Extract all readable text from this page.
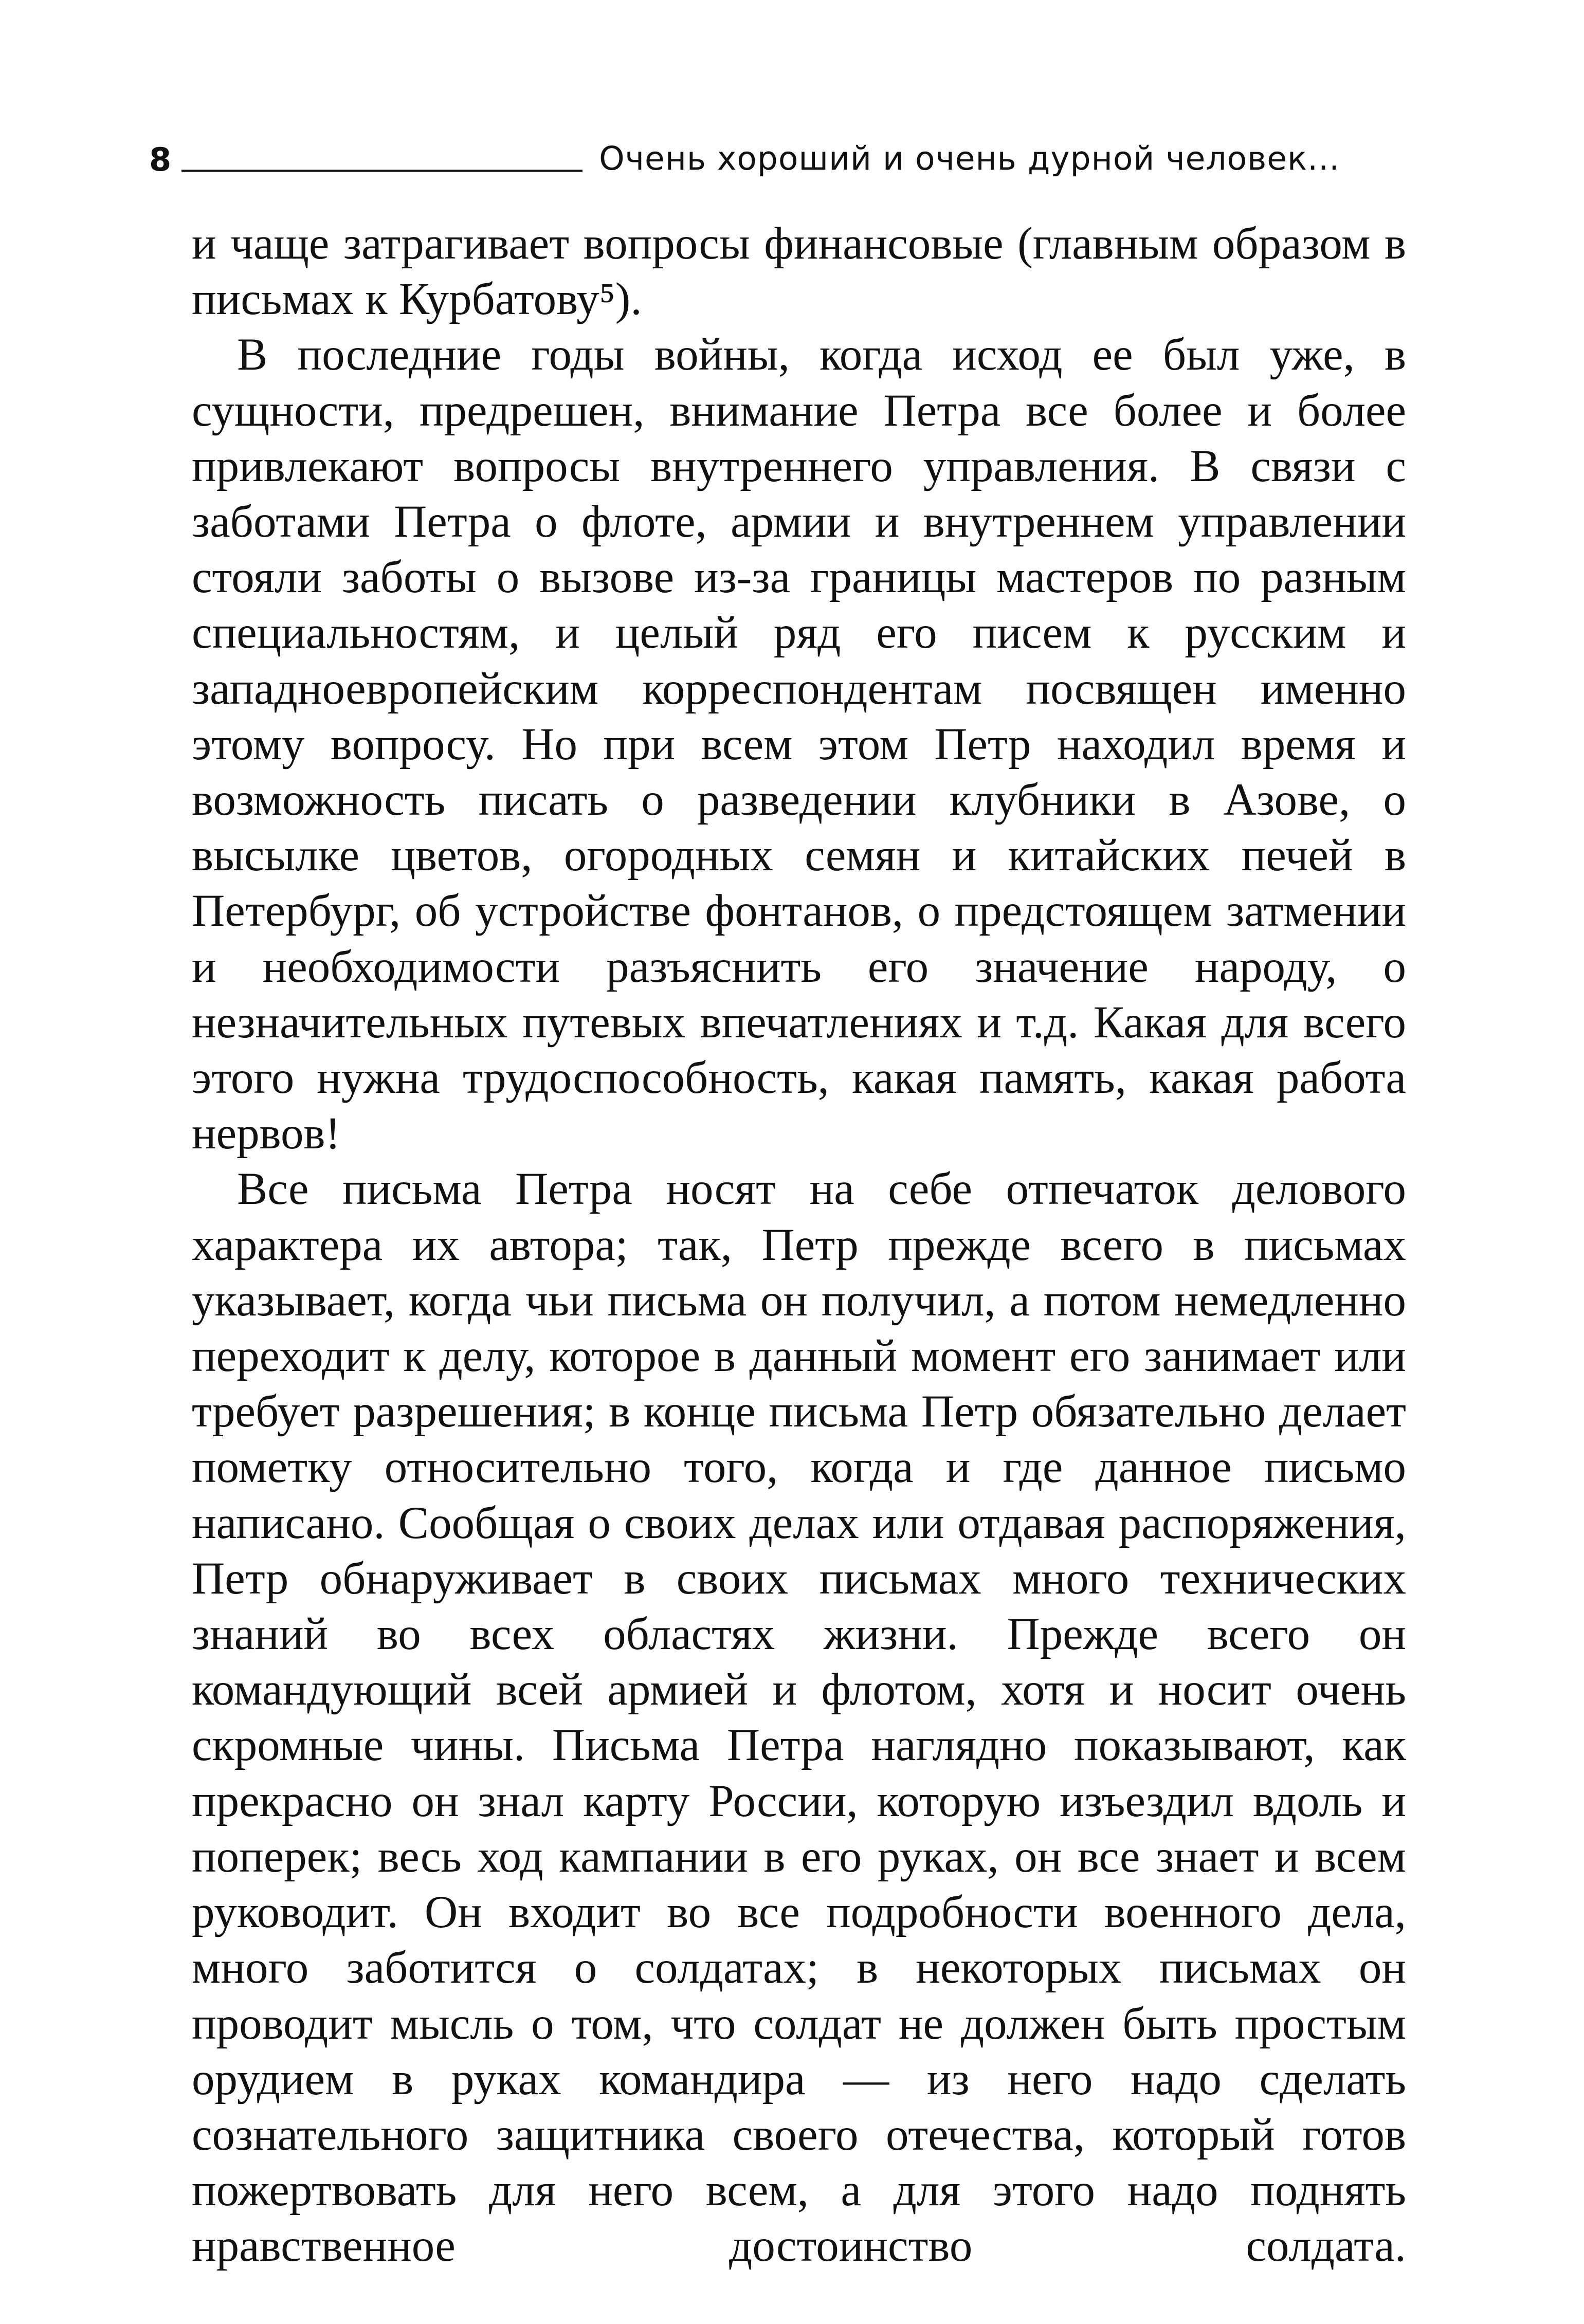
8	Очень хороший и очень дурной человек...

и чаще затрагивает вопросы финансовые (главным образом в письмах к Курбатову⁵).

В последние годы войны, когда исход ее был уже, в сущности, предрешен, внимание Петра все более и более привлекают вопросы внутреннего управления. В связи с заботами Петра о флоте, армии и внутреннем управлении стояли заботы о вызове из-за границы мастеров по разным специальностям, и целый ряд его писем к русским и западноевропейским корреспондентам посвящен именно этому вопросу. Но при всем этом Петр находил время и возможность писать о разведении клубники в Азове, о высылке цветов, огородных семян и китайских печей в Петербург, об устройстве фонтанов, о предстоящем затмении и необходимости разъяснить его значение народу, о незначительных путевых впечатлениях и т.д. Какая для всего этого нужна трудоспособность, какая память, какая работа нервов!

Все письма Петра носят на себе отпечаток делового характера их автора; так, Петр прежде всего в письмах указывает, когда чьи письма он получил, а потом немедленно переходит к делу, которое в данный момент его занимает или требует разрешения; в конце письма Петр обязательно делает пометку относительно того, когда и где данное письмо написано. Сообщая о своих делах или отдавая распоряжения, Петр обнаруживает в своих письмах много технических знаний во всех областях жизни. Прежде всего он командующий всей армией и флотом, хотя и носит очень скромные чины. Письма Петра наглядно показывают, как прекрасно он знал карту России, которую изъездил вдоль и поперек; весь ход кампании в его руках, он все знает и всем руководит. Он входит во все подробности военного дела, много заботится о солдатах; в некоторых письмах он проводит мысль о том, что солдат не должен быть простым орудием в руках командира — из него надо сделать сознательного защитника своего отечества, который готов пожертвовать для него всем, а для этого надо поднять нравственное достоинство солдата.
